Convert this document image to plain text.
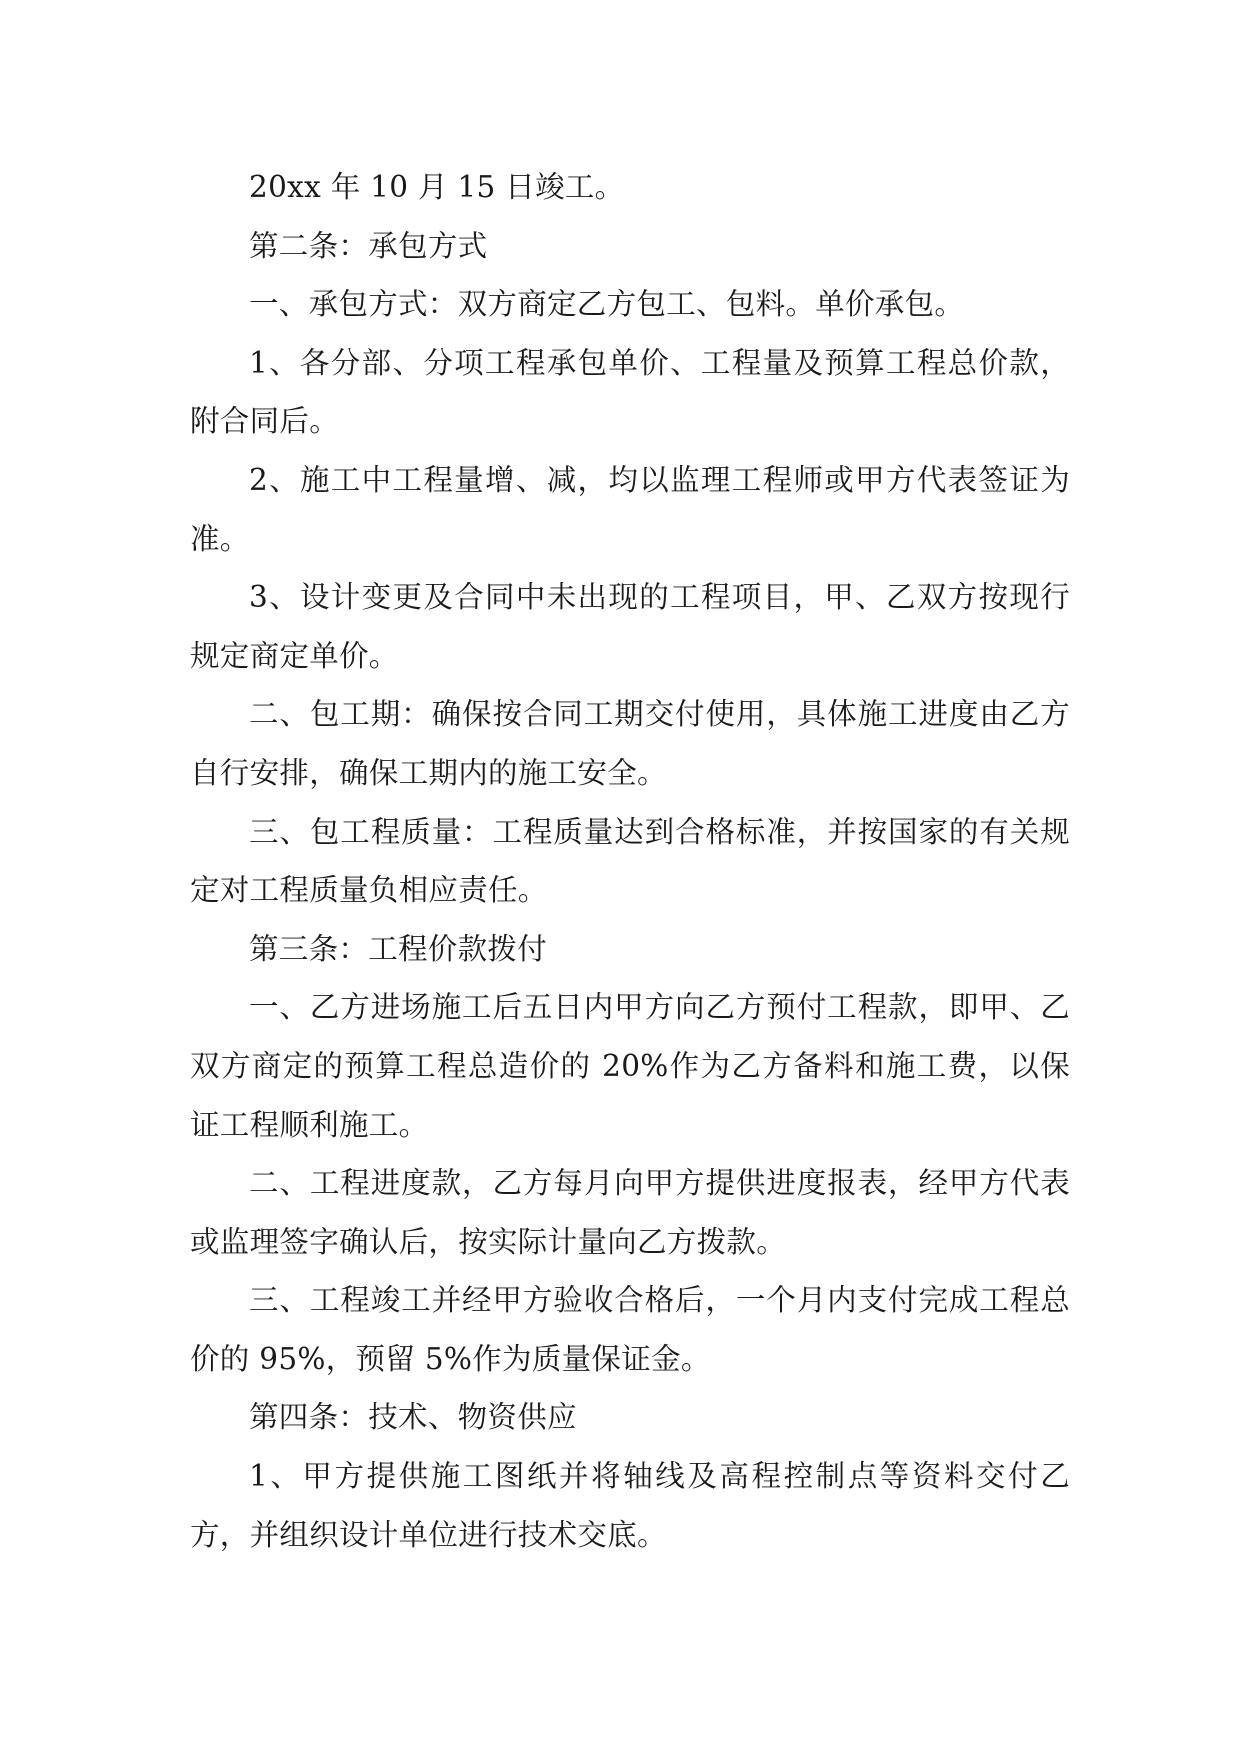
20xx 年 10 月 15 日竣工。

第二条：承包方式

一、承包方式：双方商定乙方包工、包料。单价承包。

1、各分部、分项工程承包单价、工程量及预算工程总价款，附合同后。

2、施工中工程量增、减，均以监理工程师或甲方代表签证为准。

3、设计变更及合同中未出现的工程项目，甲、乙双方按现行规定商定单价。

二、包工期：确保按合同工期交付使用，具体施工进度由乙方自行安排，确保工期内的施工安全。

三、包工程质量：工程质量达到合格标准，并按国家的有关规定对工程质量负相应责任。

第三条：工程价款拨付

一、乙方进场施工后五日内甲方向乙方预付工程款，即甲、乙双方商定的预算工程总造价的 20%作为乙方备料和施工费，以保证工程顺利施工。

二、工程进度款，乙方每月向甲方提供进度报表，经甲方代表或监理签字确认后，按实际计量向乙方拨款。

三、工程竣工并经甲方验收合格后，一个月内支付完成工程总价的 95%，预留 5%作为质量保证金。

第四条：技术、物资供应

1、甲方提供施工图纸并将轴线及高程控制点等资料交付乙方，并组织设计单位进行技术交底。
